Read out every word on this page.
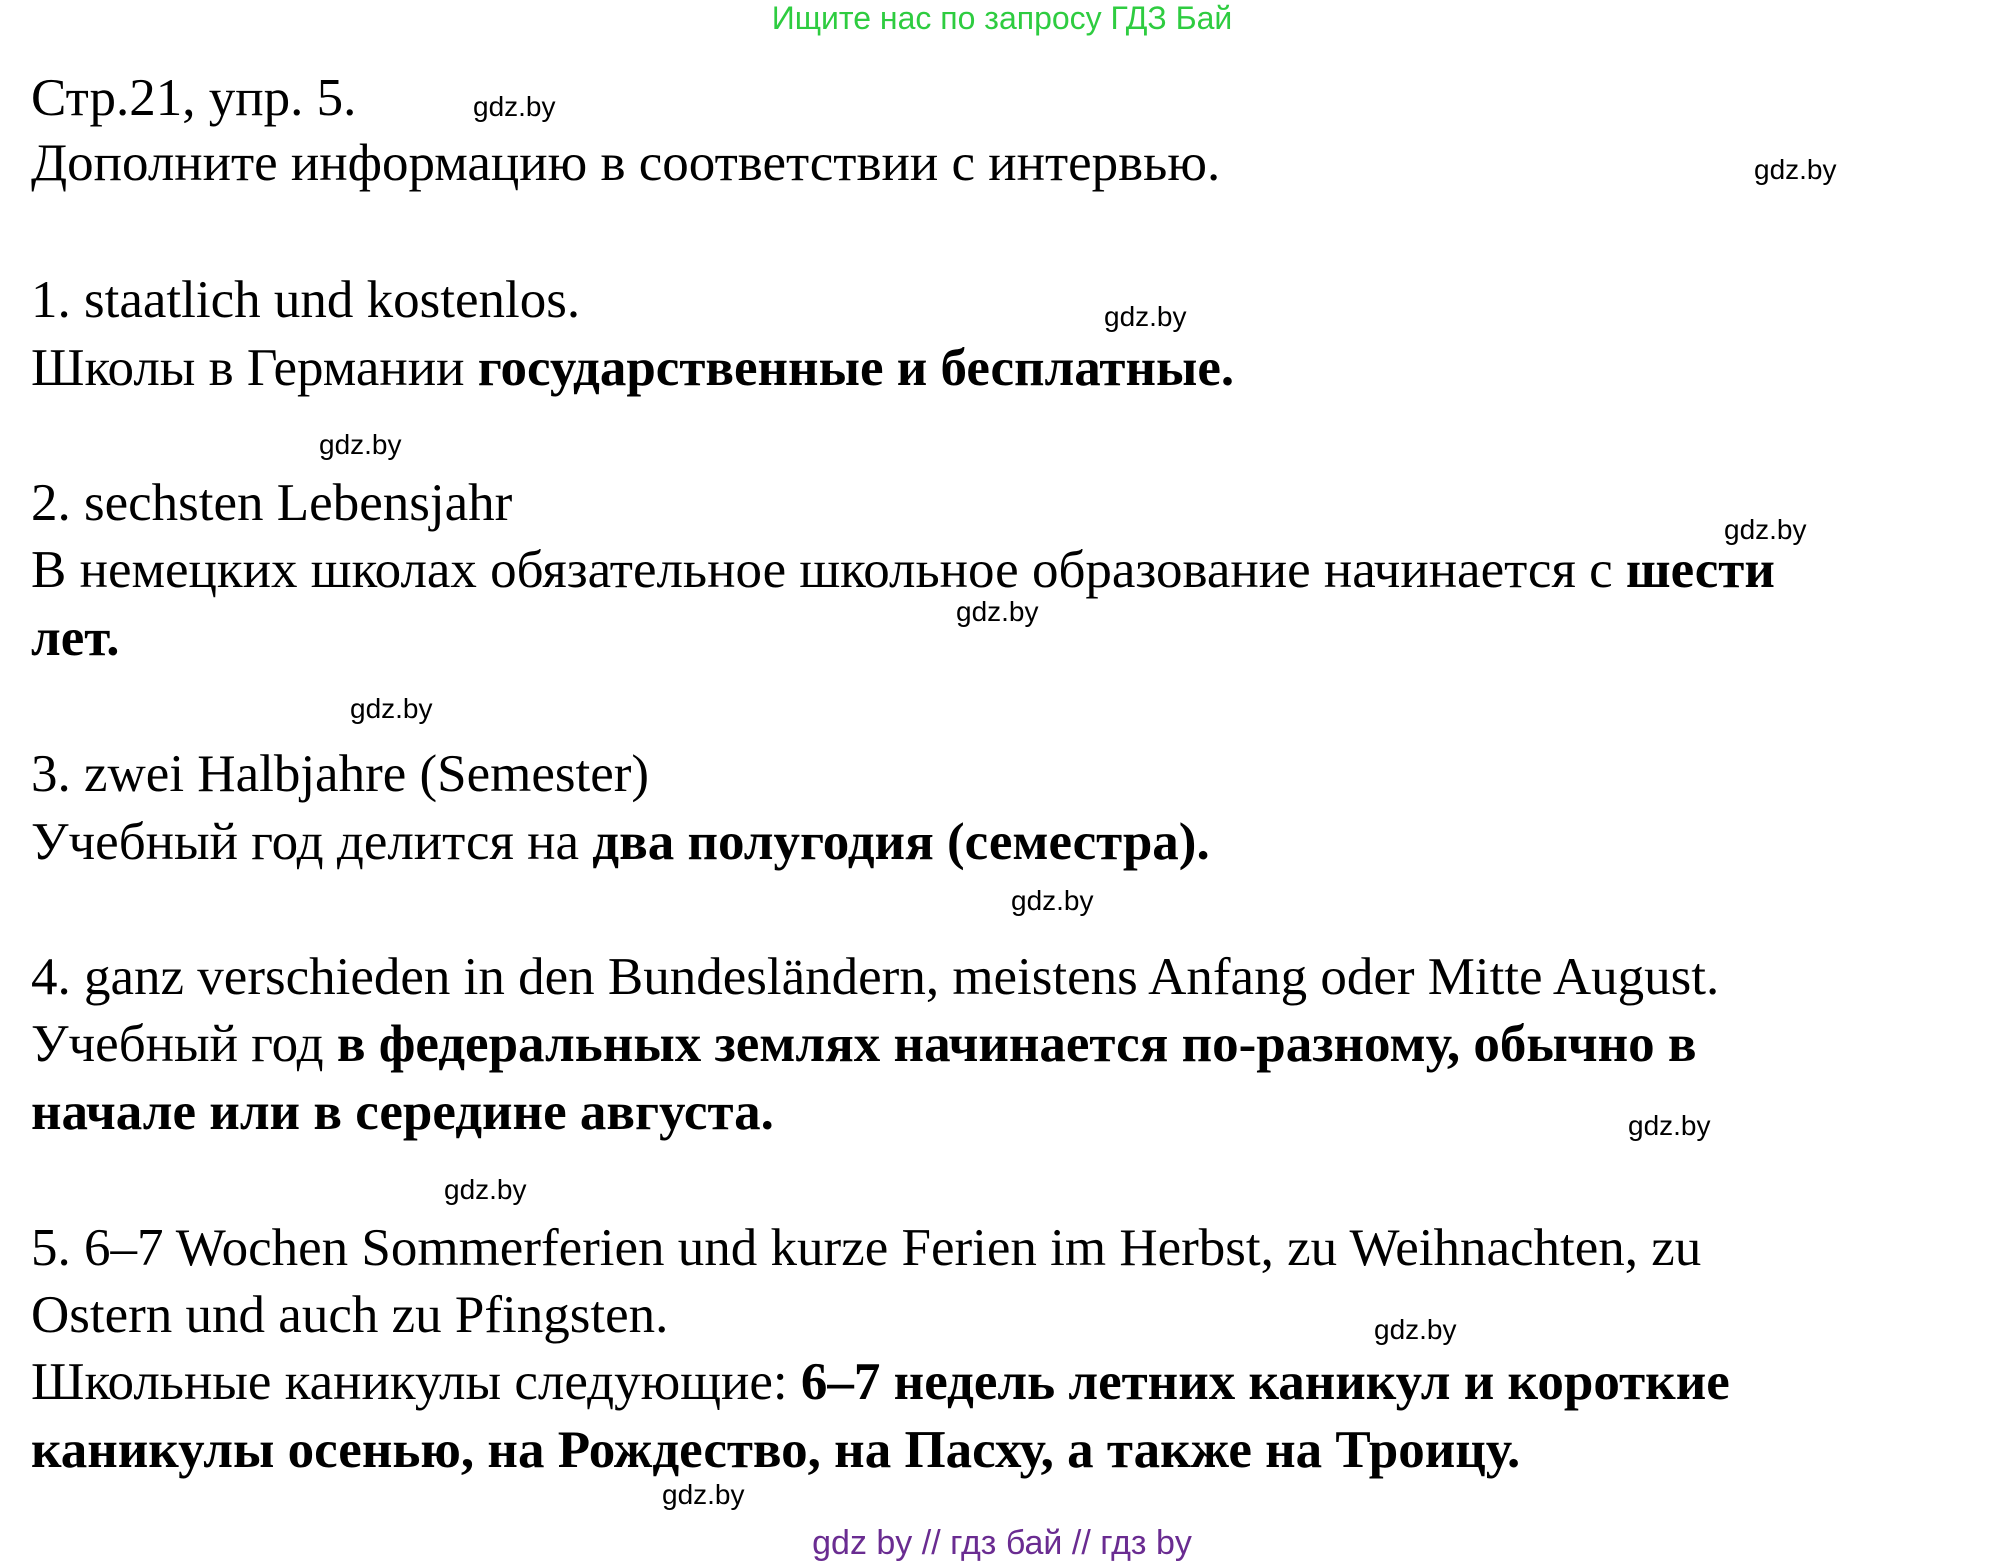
Ищите нас по запросу ГДЗ Бай

Стр.21, упр. 5.

Дополните информацию в соответствии с интервью.

1. staatlich und kostenlos.

Школы в Германии государственные и бесплатные.

2. sechsten Lebensjahr

В немецких школах обязательное школьное образование начинается с шести

лет.

3. zwei Halbjahre (Semester)

Учебный год делится на два полугодия (семестра).

4. ganz verschieden in den Bundesländern, meistens Anfang oder Mitte August.

Учебный год в федеральных землях начинается по-разному, обычно в

начале или в середине августа.

5. 6–7 Wochen Sommerferien und kurze Ferien im Herbst, zu Weihnachten, zu

Ostern und auch zu Pfingsten.

Школьные каникулы следующие: 6–7 недель летних каникул и короткие

каникулы осенью, на Рождество, на Пасху, а также на Троицу.

gdz.by
gdz.by
gdz.by
gdz.by
gdz.by
gdz.by
gdz.by
gdz.by
gdz.by
gdz.by
gdz.by
gdz.by
gdz by // гдз бай // гдз by
